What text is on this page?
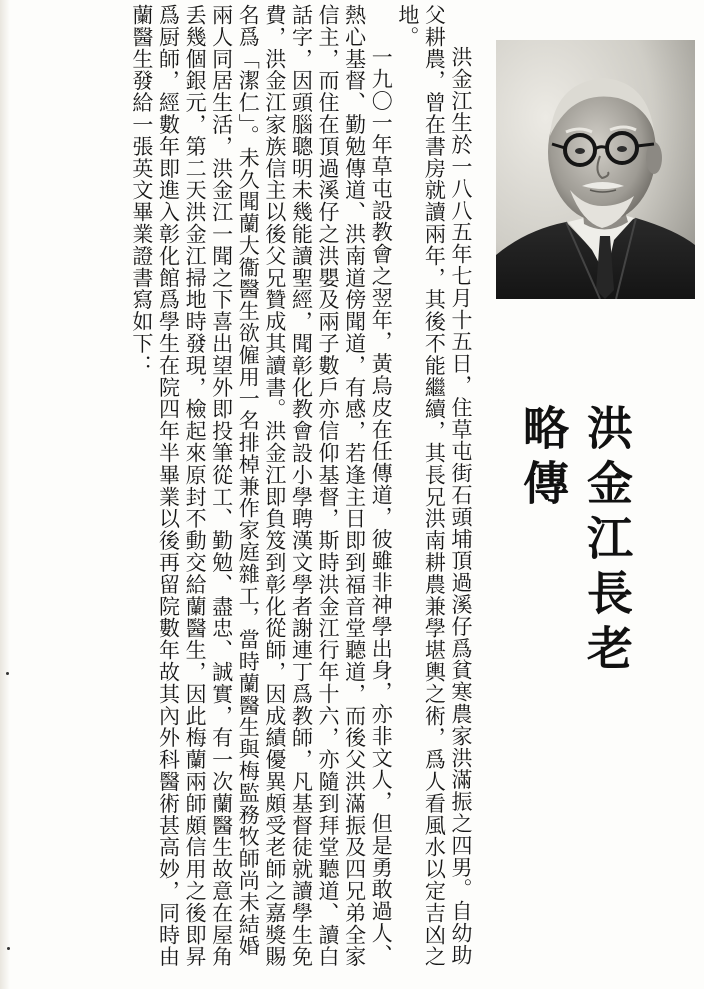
洪金江生於一八八五年七月十五日，住草屯街石頭埔頂過溪仔爲貧寒農家洪滿振之四男。自幼助父耕農，曾在書房就讀兩年，其後不能繼續，其長兄洪南耕農兼學堪輿之術，爲人看風水以定吉凶之地。

一九〇一年草屯設教會之翌年，黃烏皮在任傳道，彼雖非神學出身，亦非文人，但是勇敢過人、熱心基督、勤勉傳道、洪南道傍聞道，有感，若逢主日即到福音堂聽道，而後父洪滿振及四兄弟全家信主，而住在頂過溪仔之洪嬰及兩子數戶亦信仰基督，斯時洪金江行年十六，亦隨到拜堂聽道、讀白話字，因頭腦聰明未幾能讀聖經，聞彰化教會設小學聘漢文學者謝連丁爲教師，凡基督徒就讀學生免費，洪金江家族信主以後父兄贊成其讀書。洪金江即負笈到彰化從師，因成績優異頗受老師之嘉獎賜名爲「潔仁」。未久聞蘭大衞醫生欲僱用一名排棹兼作家庭雜工，當時蘭醫生與梅監務牧師尚未結婚兩人同居生活，洪金江一聞之下喜出望外即投筆從工、勤勉、盡忠、誠實，有一次蘭醫生故意在屋角丢幾個銀元，第二天洪金江掃地時發現，檢起來原封不動交給蘭醫生，因此梅蘭兩師頗信用之後即昇爲厨師，經數年即進入彰化館爲學生在院四年半畢業以後再留院數年故其內外科醫術甚高妙，同時由蘭醫生發給一張英文畢業證書寫如下：

洪金江長老略傳
